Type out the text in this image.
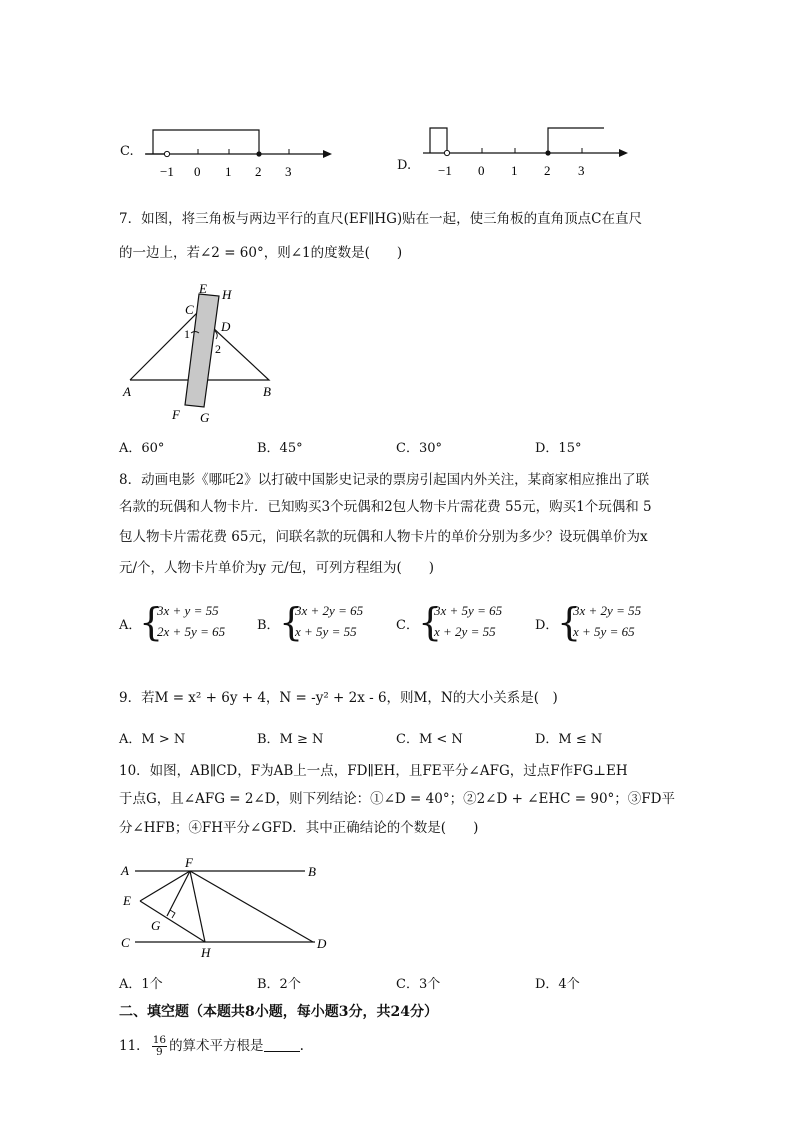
C.
−1 0 1 2 3	D. −1 0 1 2 3
7．如图，将三角板与两边平行的直尺(EF∥HG)贴在一起，使三角板的直角顶点C在直尺
的一边上，若∠2 = 60°，则∠1的度数是(　　)
E H
C
D
1
2
A	B
F G
A．60°	B．45°	C．30°	D．15°
8．动画电影《哪吒2》以打破中国影史记录的票房引起国内外关注，某商家相应推出了联
名款的玩偶和人物卡片．已知购买3个玩偶和2包人物卡片需花费 55元，购买1个玩偶和 5
包人物卡片需花费 65元，问联名款的玩偶和人物卡片的单价分别为多少？设玩偶单价为x
元/个，人物卡片单价为y 元/包，可列方程组为(　　)
A．
{
3x + y = 55
2x + 5y = 65 B． {
3x + 2y = 65
x + 5y = 55	C． {
3x + 5y = 65
x + 2y = 55	D．
{
3x + 2y = 55
x + 5y = 65
9．若M = x² + 6y + 4，N = -y² + 2x - 6，则M，N的大小关系是(　)
A．M > N	B．M ≥ N	C．M < N	D．M ≤ N
10．如图，AB∥CD，F为AB上一点，FD∥EH，且FE平分∠AFG，过点F作FG⊥EH
于点G，且∠AFG = 2∠D，则下列结论：①∠D = 40°；②2∠D + ∠EHC = 90°；③FD平
分∠HFB；④FH平分∠GFD．其中正确结论的个数是(　　)
A
F
B
E
G
C
H
D
A．1个	B．2个	C．3个	D．4个
二、填空题（本题共8小题，每小题3分，共24分）
11． $\frac{16}{9}$ 的算术平方根是	.
